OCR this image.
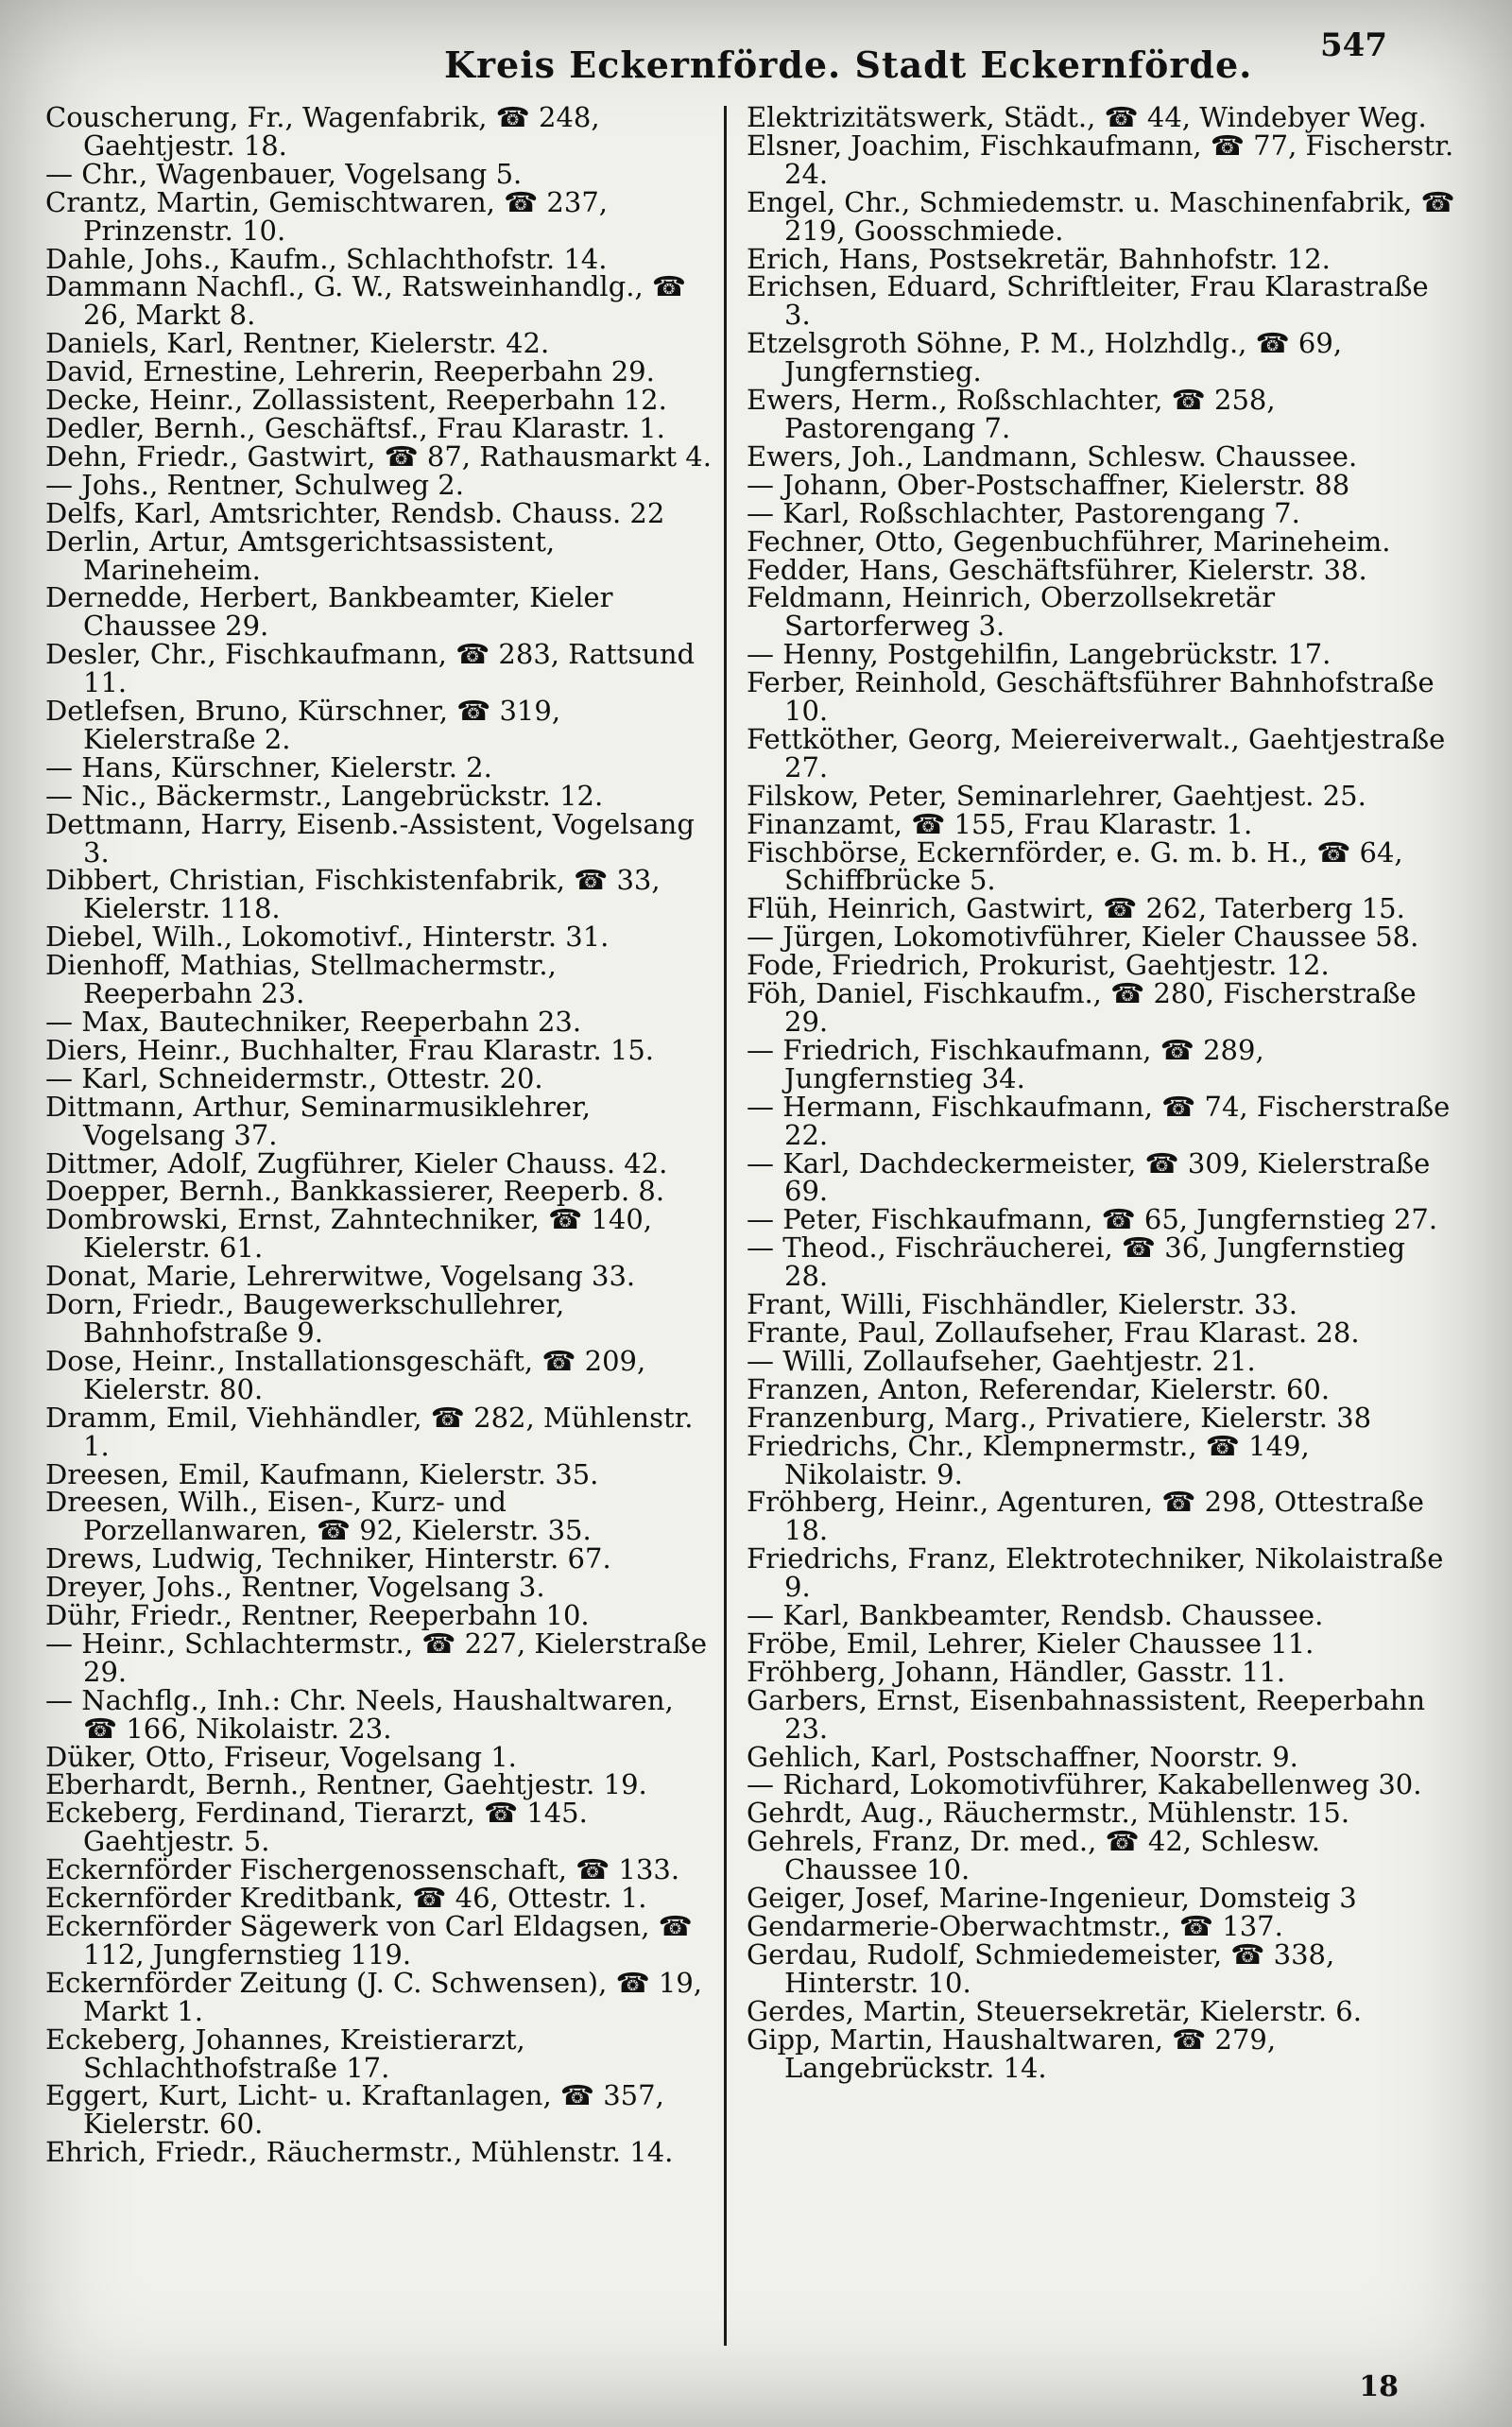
Kreis Eckernförde. Stadt Eckernförde. 547
Couscherung, Fr., Wagenfabrik, ☎ 248, Gaehtjestr. 18.
— Chr., Wagenbauer, Vogelsang 5.
Crantz, Martin, Gemischtwaren, ☎ 237, Prinzenstr. 10.
Dahle, Johs., Kaufm., Schlachthofstr. 14.
Dammann Nachfl., G. W., Ratsweinhandlg., ☎ 26, Markt 8.
Daniels, Karl, Rentner, Kielerstr. 42.
David, Ernestine, Lehrerin, Reeperbahn 29.
Decke, Heinr., Zollassistent, Reeperbahn 12.
Dedler, Bernh., Geschäftsf., Frau Klarastr. 1.
Dehn, Friedr., Gastwirt, ☎ 87, Rathausmarkt 4.
— Johs., Rentner, Schulweg 2.
Delfs, Karl, Amtsrichter, Rendsb. Chauss. 22
Derlin, Artur, Amtsgerichtsassistent, Marineheim.
Dernedde, Herbert, Bankbeamter, Kieler Chaussee 29.
Desler, Chr., Fischkaufmann, ☎ 283, Rattsund 11.
Detlefsen, Bruno, Kürschner, ☎ 319, Kielerstraße 2.
— Hans, Kürschner, Kielerstr. 2.
— Nic., Bäckermstr., Langebrückstr. 12.
Dettmann, Harry, Eisenb.-Assistent, Vogelsang 3.
Dibbert, Christian, Fischkistenfabrik, ☎ 33, Kielerstr. 118.
Diebel, Wilh., Lokomotivf., Hinterstr. 31.
Dienhoff, Mathias, Stellmachermstr., Reeperbahn 23.
— Max, Bautechniker, Reeperbahn 23.
Diers, Heinr., Buchhalter, Frau Klarastr. 15.
— Karl, Schneidermstr., Ottestr. 20.
Dittmann, Arthur, Seminarmusiklehrer, Vogelsang 37.
Dittmer, Adolf, Zugführer, Kieler Chauss. 42.
Doepper, Bernh., Bankkassierer, Reeperb. 8.
Dombrowski, Ernst, Zahntechniker, ☎ 140, Kielerstr. 61.
Donat, Marie, Lehrerwitwe, Vogelsang 33.
Dorn, Friedr., Baugewerkschullehrer, Bahnhofstraße 9.
Dose, Heinr., Installationsgeschäft, ☎ 209, Kielerstr. 80.
Dramm, Emil, Viehhändler, ☎ 282, Mühlenstr. 1.
Dreesen, Emil, Kaufmann, Kielerstr. 35.
Dreesen, Wilh., Eisen-, Kurz- und Porzellanwaren, ☎ 92, Kielerstr. 35.
Drews, Ludwig, Techniker, Hinterstr. 67.
Dreyer, Johs., Rentner, Vogelsang 3.
Dühr, Friedr., Rentner, Reeperbahn 10.
— Heinr., Schlachtermstr., ☎ 227, Kielerstraße 29.
— Nachflg., Inh.: Chr. Neels, Haushaltwaren, ☎ 166, Nikolaistr. 23.
Düker, Otto, Friseur, Vogelsang 1.
Eberhardt, Bernh., Rentner, Gaehtjestr. 19.
Eckeberg, Ferdinand, Tierarzt, ☎ 145. Gaehtjestr. 5.
Eckernförder Fischergenossenschaft, ☎ 133.
Eckernförder Kreditbank, ☎ 46, Ottestr. 1.
Eckernförder Sägewerk von Carl Eldagsen, ☎ 112, Jungfernstieg 119.
Eckernförder Zeitung (J. C. Schwensen), ☎ 19, Markt 1.
Eckeberg, Johannes, Kreistierarzt, Schlachthofstraße 17.
Eggert, Kurt, Licht- u. Kraftanlagen, ☎ 357, Kielerstr. 60.
Ehrich, Friedr., Räuchermstr., Mühlenstr. 14.
Elektrizitätswerk, Städt., ☎ 44, Windebyer Weg.
Elsner, Joachim, Fischkaufmann, ☎ 77, Fischerstr. 24.
Engel, Chr., Schmiedemstr. u. Maschinenfabrik, ☎ 219, Goosschmiede.
Erich, Hans, Postsekretär, Bahnhofstr. 12.
Erichsen, Eduard, Schriftleiter, Frau Klarastraße 3.
Etzelsgroth Söhne, P. M., Holzhdlg., ☎ 69, Jungfernstieg.
Ewers, Herm., Roßschlachter, ☎ 258, Pastorengang 7.
Ewers, Joh., Landmann, Schlesw. Chaussee.
— Johann, Ober-Postschaffner, Kielerstr. 88
— Karl, Roßschlachter, Pastorengang 7.
Fechner, Otto, Gegenbuchführer, Marineheim.
Fedder, Hans, Geschäftsführer, Kielerstr. 38.
Feldmann, Heinrich, Oberzollsekretär Sartorferweg 3.
— Henny, Postgehilfin, Langebrückstr. 17.
Ferber, Reinhold, Geschäftsführer Bahnhofstraße 10.
Fettköther, Georg, Meiereiverwalt., Gaehtjestraße 27.
Filskow, Peter, Seminarlehrer, Gaehtjest. 25.
Finanzamt, ☎ 155, Frau Klarastr. 1.
Fischbörse, Eckernförder, e. G. m. b. H., ☎ 64, Schiffbrücke 5.
Flüh, Heinrich, Gastwirt, ☎ 262, Taterberg 15.
— Jürgen, Lokomotivführer, Kieler Chaussee 58.
Fode, Friedrich, Prokurist, Gaehtjestr. 12.
Föh, Daniel, Fischkaufm., ☎ 280, Fischerstraße 29.
— Friedrich, Fischkaufmann, ☎ 289, Jungfernstieg 34.
— Hermann, Fischkaufmann, ☎ 74, Fischerstraße 22.
— Karl, Dachdeckermeister, ☎ 309, Kielerstraße 69.
— Peter, Fischkaufmann, ☎ 65, Jungfernstieg 27.
— Theod., Fischräucherei, ☎ 36, Jungfernstieg 28.
Frant, Willi, Fischhändler, Kielerstr. 33.
Frante, Paul, Zollaufseher, Frau Klarast. 28.
— Willi, Zollaufseher, Gaehtjestr. 21.
Franzen, Anton, Referendar, Kielerstr. 60.
Franzenburg, Marg., Privatiere, Kielerstr. 38
Friedrichs, Chr., Klempnermstr., ☎ 149, Nikolaistr. 9.
Fröhberg, Heinr., Agenturen, ☎ 298, Ottestraße 18.
Friedrichs, Franz, Elektrotechniker, Nikolaistraße 9.
— Karl, Bankbeamter, Rendsb. Chaussee.
Fröbe, Emil, Lehrer, Kieler Chaussee 11.
Fröhberg, Johann, Händler, Gasstr. 11.
Garbers, Ernst, Eisenbahnassistent, Reeperbahn 23.
Gehlich, Karl, Postschaffner, Noorstr. 9.
— Richard, Lokomotivführer, Kakabellenweg 30.
Gehrdt, Aug., Räuchermstr., Mühlenstr. 15.
Gehrels, Franz, Dr. med., ☎ 42, Schlesw. Chaussee 10.
Geiger, Josef, Marine-Ingenieur, Domsteig 3
Gendarmerie-Oberwachtmstr., ☎ 137.
Gerdau, Rudolf, Schmiedemeister, ☎ 338, Hinterstr. 10.
Gerdes, Martin, Steuersekretär, Kielerstr. 6.
Gipp, Martin, Haushaltwaren, ☎ 279, Langebrückstr. 14.
18
